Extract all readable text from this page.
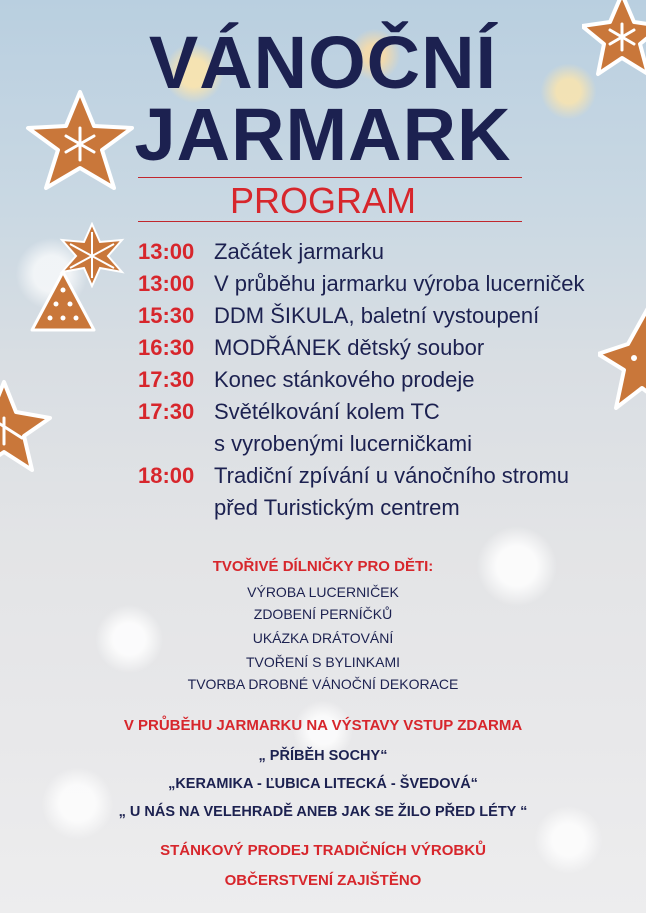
VÁNOČNÍ
JARMARK
PROGRAM
13:00 Začátek jarmarku
13:00 V průběhu jarmarku výroba lucerniček
15:30 DDM ŠIKULA, baletní vystoupení
16:30 MODŘÁNEK dětský soubor
17:30 Konec stánkového prodeje
17:30 Světélkování kolem TC
s vyrobenými lucerničkami
18:00 Tradiční zpívání u vánočního stromu
před Turistickým centrem
TVOŘIVÉ DÍLNIČKY PRO DĚTI:
VÝROBA LUCERNIČEK
ZDOBENÍ PERNÍČKŮ
UKÁZKA DRÁTOVÁNÍ
TVOŘENÍ S BYLINKAMI
TVORBA DROBNÉ VÁNOČNÍ DEKORACE
V PRŮBĚHU JARMARKU NA VÝSTAVY VSTUP ZDARMA
„ PŘÍBĚH SOCHY“
„KERAMIKA - ĽUBICA LITECKÁ - ŠVEDOVÁ“
„ U NÁS NA VELEHRADĚ ANEB JAK SE ŽILO PŘED LÉTY “
STÁNKOVÝ PRODEJ TRADIČNÍCH VÝROBKŮ
OBČERSTVENÍ ZAJIŠTĚNO
